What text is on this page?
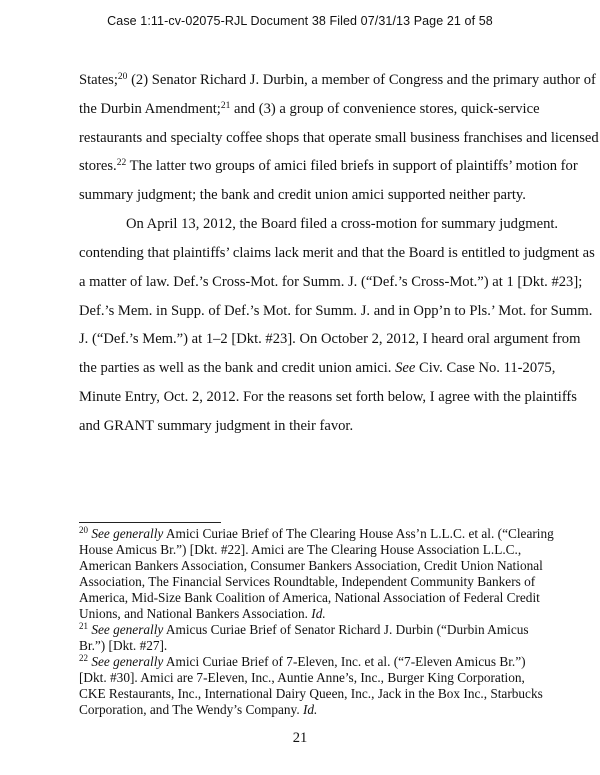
Case 1:11-cv-02075-RJL Document 38 Filed 07/31/13 Page 21 of 58
States;$^{20}$ (2) Senator Richard J. Durbin, a member of Congress and the primary author of
the Durbin Amendment;$^{21}$ and (3) a group of convenience stores, quick-service
restaurants and specialty coffee shops that operate small business franchises and licensed
stores.$^{22}$ The latter two groups of amici filed briefs in support of plaintiffs’ motion for
summary judgment; the bank and credit union amici supported neither party.
On April 13, 2012, the Board filed a cross-motion for summary judgment.
contending that plaintiffs’ claims lack merit and that the Board is entitled to judgment as
a matter of law. Def.’s Cross-Mot. for Summ. J. (“Def.’s Cross-Mot.”) at 1 [Dkt. #23];
Def.’s Mem. in Supp. of Def.’s Mot. for Summ. J. and in Opp’n to Pls.’ Mot. for Summ.
J. (“Def.’s Mem.”) at 1–2 [Dkt. #23]. On October 2, 2012, I heard oral argument from
the parties as well as the bank and credit union amici. See Civ. Case No. 11-2075,
Minute Entry, Oct. 2, 2012. For the reasons set forth below, I agree with the plaintiffs
and GRANT summary judgment in their favor.
$^{20}$ See generally Amici Curiae Brief of The Clearing House Ass’n L.L.C. et al. (“Clearing
House Amicus Br.”) [Dkt. #22]. Amici are The Clearing House Association L.L.C.,
American Bankers Association, Consumer Bankers Association, Credit Union National
Association, The Financial Services Roundtable, Independent Community Bankers of
America, Mid-Size Bank Coalition of America, National Association of Federal Credit
Unions, and National Bankers Association. Id.
$^{21}$ See generally Amicus Curiae Brief of Senator Richard J. Durbin (“Durbin Amicus
Br.”) [Dkt. #27].
$^{22}$ See generally Amici Curiae Brief of 7-Eleven, Inc. et al. (“7-Eleven Amicus Br.”)
[Dkt. #30]. Amici are 7-Eleven, Inc., Auntie Anne’s, Inc., Burger King Corporation,
CKE Restaurants, Inc., International Dairy Queen, Inc., Jack in the Box Inc., Starbucks
Corporation, and The Wendy’s Company. Id.
21
